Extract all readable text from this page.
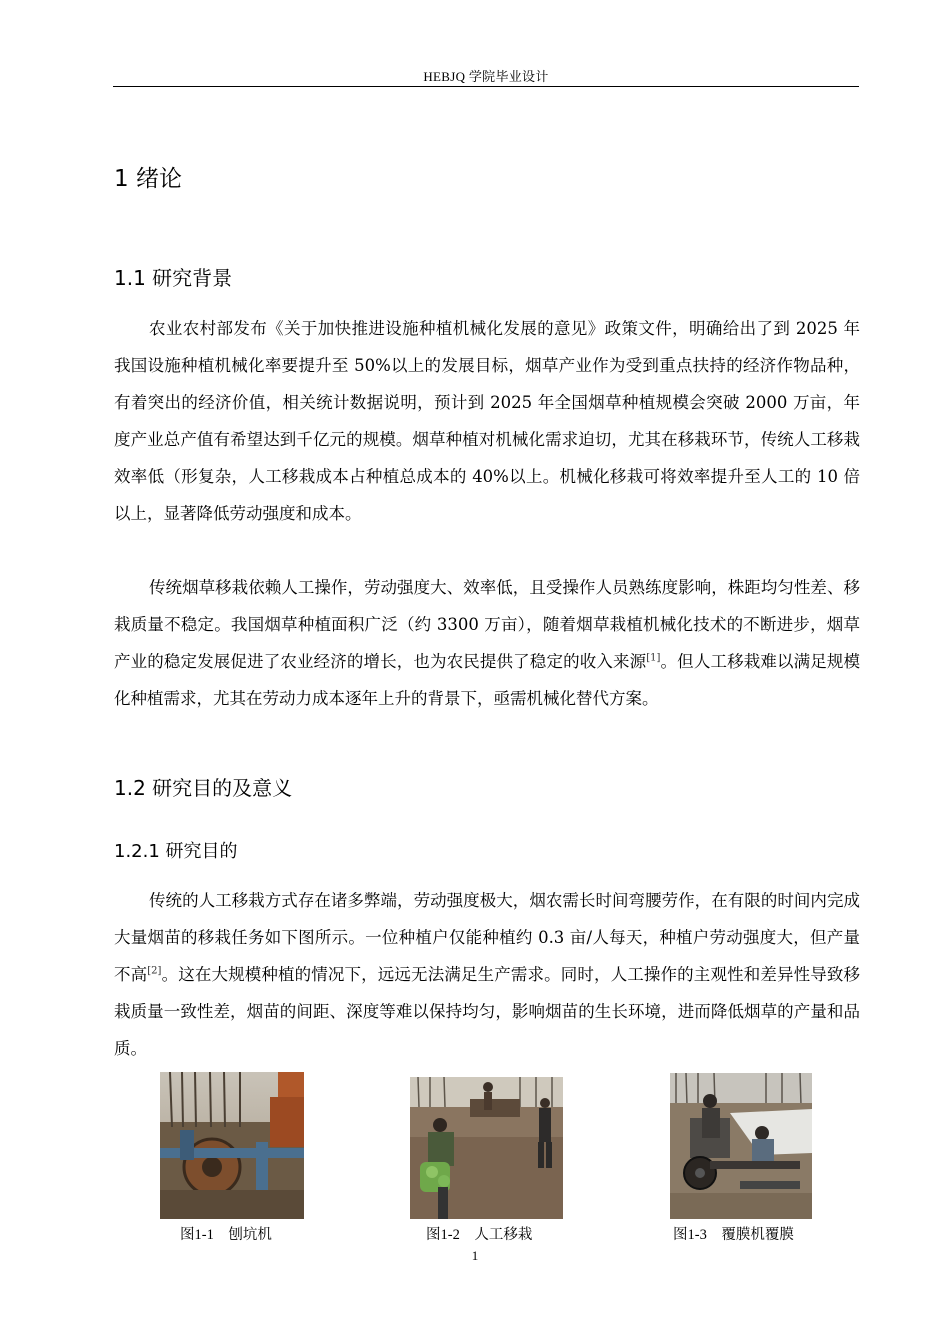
HEBJQ 学院毕业设计
1 绪论
1.1 研究背景

农业农村部发布《关于加快推进设施种植机械化发展的意见》政策文件，明确给出了到 2025 年我国设施种植机械化率要提升至 50%以上的发展目标，烟草产业作为受到重点扶持的经济作物品种，有着突出的经济价值，相关统计数据说明，预计到 2025 年全国烟草种植规模会突破 2000 万亩，年度产业总产值有希望达到千亿元的规模。烟草种植对机械化需求迫切，尤其在移栽环节，传统人工移栽效率低（形复杂，人工移栽成本占种植总成本的 40%以上。机械化移栽可将效率提升至人工的 10 倍以上，显著降低劳动强度和成本。

传统烟草移栽依赖人工操作，劳动强度大、效率低，且受操作人员熟练度影响，株距均匀性差、移栽质量不稳定。我国烟草种植面积广泛（约 3300 万亩），随着烟草栽植机械化技术的不断进步，烟草产业的稳定发展促进了农业经济的增长，也为农民提供了稳定的收入来源[1]。但人工移栽难以满足规模化种植需求，尤其在劳动力成本逐年上升的背景下，亟需机械化替代方案。

1.2 研究目的及意义
1.2.1 研究目的

传统的人工移栽方式存在诸多弊端，劳动强度极大，烟农需长时间弯腰劳作，在有限的时间内完成大量烟苗的移栽任务如下图所示。一位种植户仅能种植约 0.3 亩/人每天，种植户劳动强度大，但产量不高[2]。这在大规模种植的情况下，远远无法满足生产需求。同时，人工操作的主观性和差异性导致移栽质量一致性差，烟苗的间距、深度等难以保持均匀，影响烟苗的生长环境，进而降低烟草的产量和品质。

图1-1　刨坑机	图1-2　人工移栽	图1-3　覆膜机覆膜
1
